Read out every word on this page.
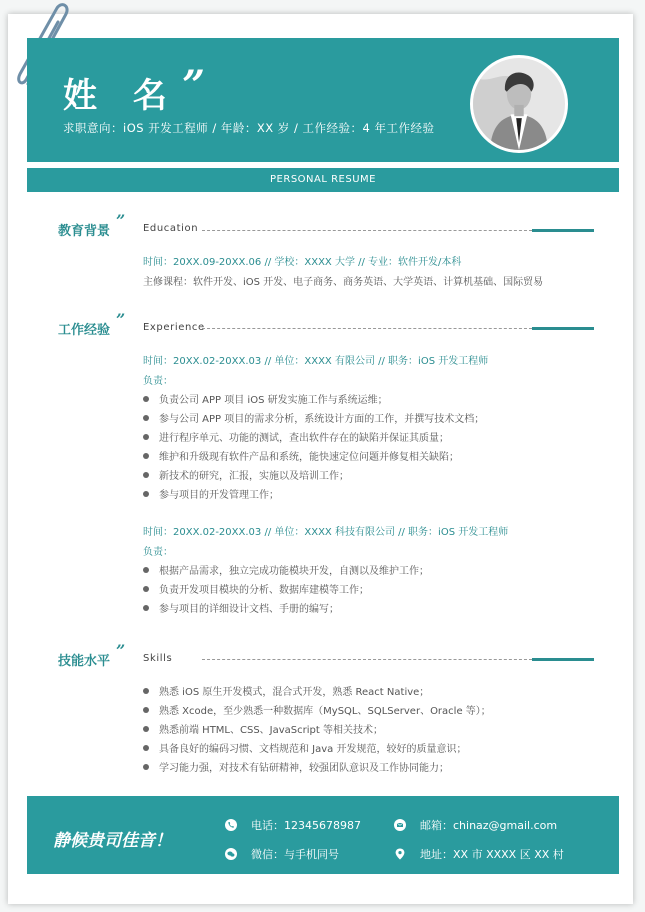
姓 名 ”
求职意向：iOS 开发工程师 / 年龄：XX 岁 / 工作经验：4 年工作经验
PERSONAL RESUME
教育背景
” Education
时间：20XX.09-20XX.06 // 学校：XXXX 大学 // 专业：软件开发/本科
主修课程：软件开发、iOS 开发、电子商务、商务英语、大学英语、计算机基础、国际贸易
工作经验
” Experience
时间：20XX.02-20XX.03 // 单位：XXXX 有限公司 // 职务：iOS 开发工程师
负责：
负责公司 APP 项目 iOS 研发实施工作与系统运维；
参与公司 APP 项目的需求分析，系统设计方面的工作，并撰写技术文档；
进行程序单元、功能的测试，查出软件存在的缺陷并保证其质量；
维护和升级现有软件产品和系统，能快速定位问题并修复相关缺陷；
新技术的研究，汇报，实施以及培训工作；
参与项目的开发管理工作；
时间：20XX.02-20XX.03 // 单位：XXXX 科技有限公司 // 职务：iOS 开发工程师
负责：
根据产品需求，独立完成功能模块开发，自测以及维护工作；
负责开发项目模块的分析、数据库建模等工作；
参与项目的详细设计文档、手册的编写；
技能水平
” Skills
熟悉 iOS 原生开发模式，混合式开发，熟悉 React Native；
熟悉 Xcode，至少熟悉一种数据库（MySQL、SQLServer、Oracle 等）；
熟悉前端 HTML、CSS、JavaScript 等相关技术；
具备良好的编码习惯、文档规范和 Java 开发规范，较好的质量意识；
学习能力强，对技术有钻研精神，较强团队意识及工作协同能力；
静候贵司佳音！
电话：12345678987	邮箱：chinaz@gmail.com
微信：与手机同号	地址：XX 市 XXXX 区 XX 村
